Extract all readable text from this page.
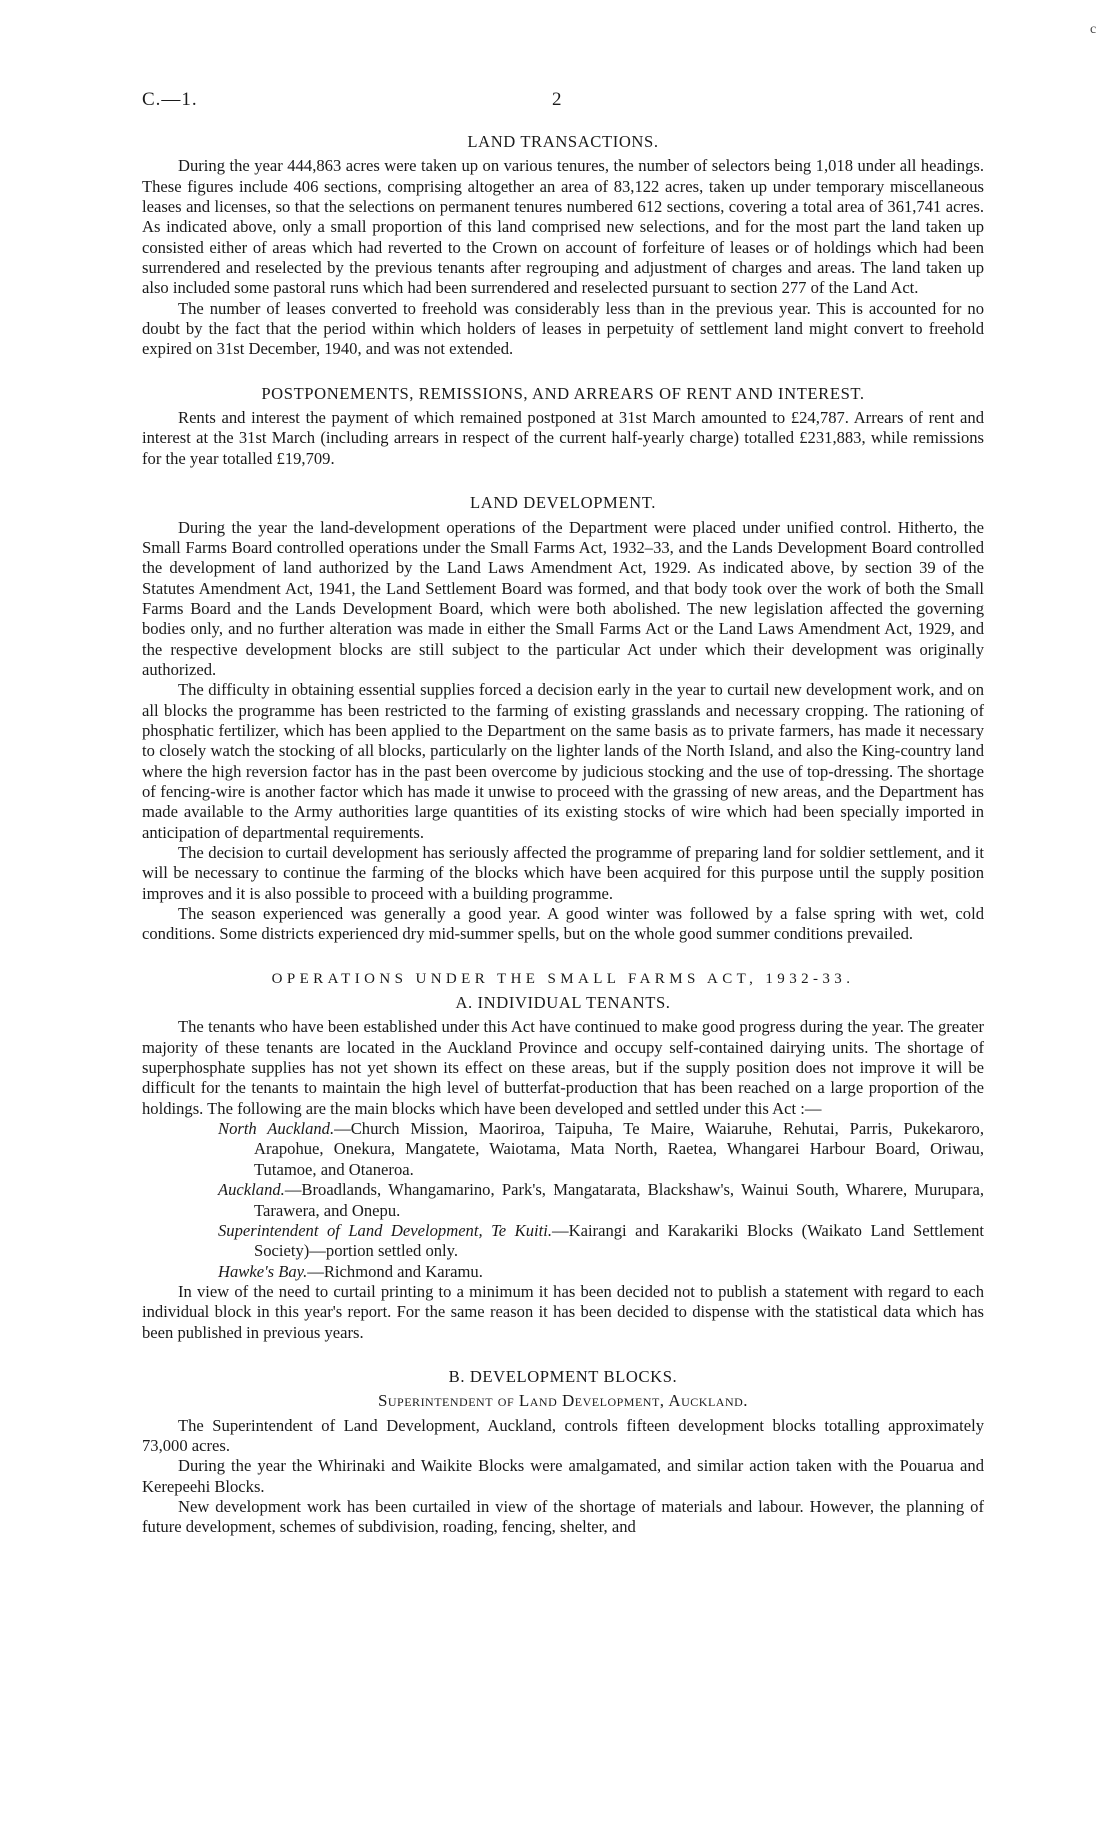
C.—1.	2
c
LAND TRANSACTIONS.

During the year 444,863 acres were taken up on various tenures, the number of selectors being 1,018 under all headings. These figures include 406 sections, comprising altogether an area of 83,122 acres, taken up under temporary miscellaneous leases and licenses, so that the selections on permanent tenures numbered 612 sections, covering a total area of 361,741 acres. As indicated above, only a small proportion of this land comprised new selections, and for the most part the land taken up consisted either of areas which had reverted to the Crown on account of forfeiture of leases or of holdings which had been surrendered and reselected by the previous tenants after regrouping and adjustment of charges and areas. The land taken up also included some pastoral runs which had been surrendered and reselected pursuant to section 277 of the Land Act.

The number of leases converted to freehold was considerably less than in the previous year. This is accounted for no doubt by the fact that the period within which holders of leases in perpetuity of settlement land might convert to freehold expired on 31st December, 1940, and was not extended.

POSTPONEMENTS, REMISSIONS, AND ARREARS OF RENT AND INTEREST.

Rents and interest the payment of which remained postponed at 31st March amounted to £24,787. Arrears of rent and interest at the 31st March (including arrears in respect of the current half-yearly charge) totalled £231,883, while remissions for the year totalled £19,709.

LAND DEVELOPMENT.

During the year the land-development operations of the Department were placed under unified control. Hitherto, the Small Farms Board controlled operations under the Small Farms Act, 1932–33, and the Lands Development Board controlled the development of land authorized by the Land Laws Amendment Act, 1929. As indicated above, by section 39 of the Statutes Amendment Act, 1941, the Land Settlement Board was formed, and that body took over the work of both the Small Farms Board and the Lands Development Board, which were both abolished. The new legislation affected the governing bodies only, and no further alteration was made in either the Small Farms Act or the Land Laws Amendment Act, 1929, and the respective development blocks are still subject to the particular Act under which their development was originally authorized.

The difficulty in obtaining essential supplies forced a decision early in the year to curtail new development work, and on all blocks the programme has been restricted to the farming of existing grasslands and necessary cropping. The rationing of phosphatic fertilizer, which has been applied to the Department on the same basis as to private farmers, has made it necessary to closely watch the stocking of all blocks, particularly on the lighter lands of the North Island, and also the King-country land where the high reversion factor has in the past been overcome by judicious stocking and the use of top-dressing. The shortage of fencing-wire is another factor which has made it unwise to proceed with the grassing of new areas, and the Department has made available to the Army authorities large quantities of its existing stocks of wire which had been specially imported in anticipation of departmental requirements.

The decision to curtail development has seriously affected the programme of preparing land for soldier settlement, and it will be necessary to continue the farming of the blocks which have been acquired for this purpose until the supply position improves and it is also possible to proceed with a building programme.

The season experienced was generally a good year. A good winter was followed by a false spring with wet, cold conditions. Some districts experienced dry mid-summer spells, but on the whole good summer conditions prevailed.

OPERATIONS UNDER THE SMALL FARMS ACT, 1932-33.
A. INDIVIDUAL TENANTS.

The tenants who have been established under this Act have continued to make good progress during the year. The greater majority of these tenants are located in the Auckland Province and occupy self-contained dairying units. The shortage of superphosphate supplies has not yet shown its effect on these areas, but if the supply position does not improve it will be difficult for the tenants to maintain the high level of butterfat-production that has been reached on a large proportion of the holdings. The following are the main blocks which have been developed and settled under this Act :—

North Auckland.—Church Mission, Maoriroa, Taipuha, Te Maire, Waiaruhe, Rehutai, Parris, Pukekaroro, Arapohue, Onekura, Mangatete, Waiotama, Mata North, Raetea, Whangarei Harbour Board, Oriwau, Tutamoe, and Otaneroa.

Auckland.—Broadlands, Whangamarino, Park's, Mangatarata, Blackshaw's, Wainui South, Wharere, Murupara, Tarawera, and Onepu.

Superintendent of Land Development, Te Kuiti.—Kairangi and Karakariki Blocks (Waikato Land Settlement Society)—portion settled only.

Hawke's Bay.—Richmond and Karamu.

In view of the need to curtail printing to a minimum it has been decided not to publish a statement with regard to each individual block in this year's report. For the same reason it has been decided to dispense with the statistical data which has been published in previous years.

B. DEVELOPMENT BLOCKS.
Superintendent of Land Development, Auckland.

The Superintendent of Land Development, Auckland, controls fifteen development blocks totalling approximately 73,000 acres.

During the year the Whirinaki and Waikite Blocks were amalgamated, and similar action taken with the Pouarua and Kerepeehi Blocks.

New development work has been curtailed in view of the shortage of materials and labour. However, the planning of future development, schemes of subdivision, roading, fencing, shelter, and
